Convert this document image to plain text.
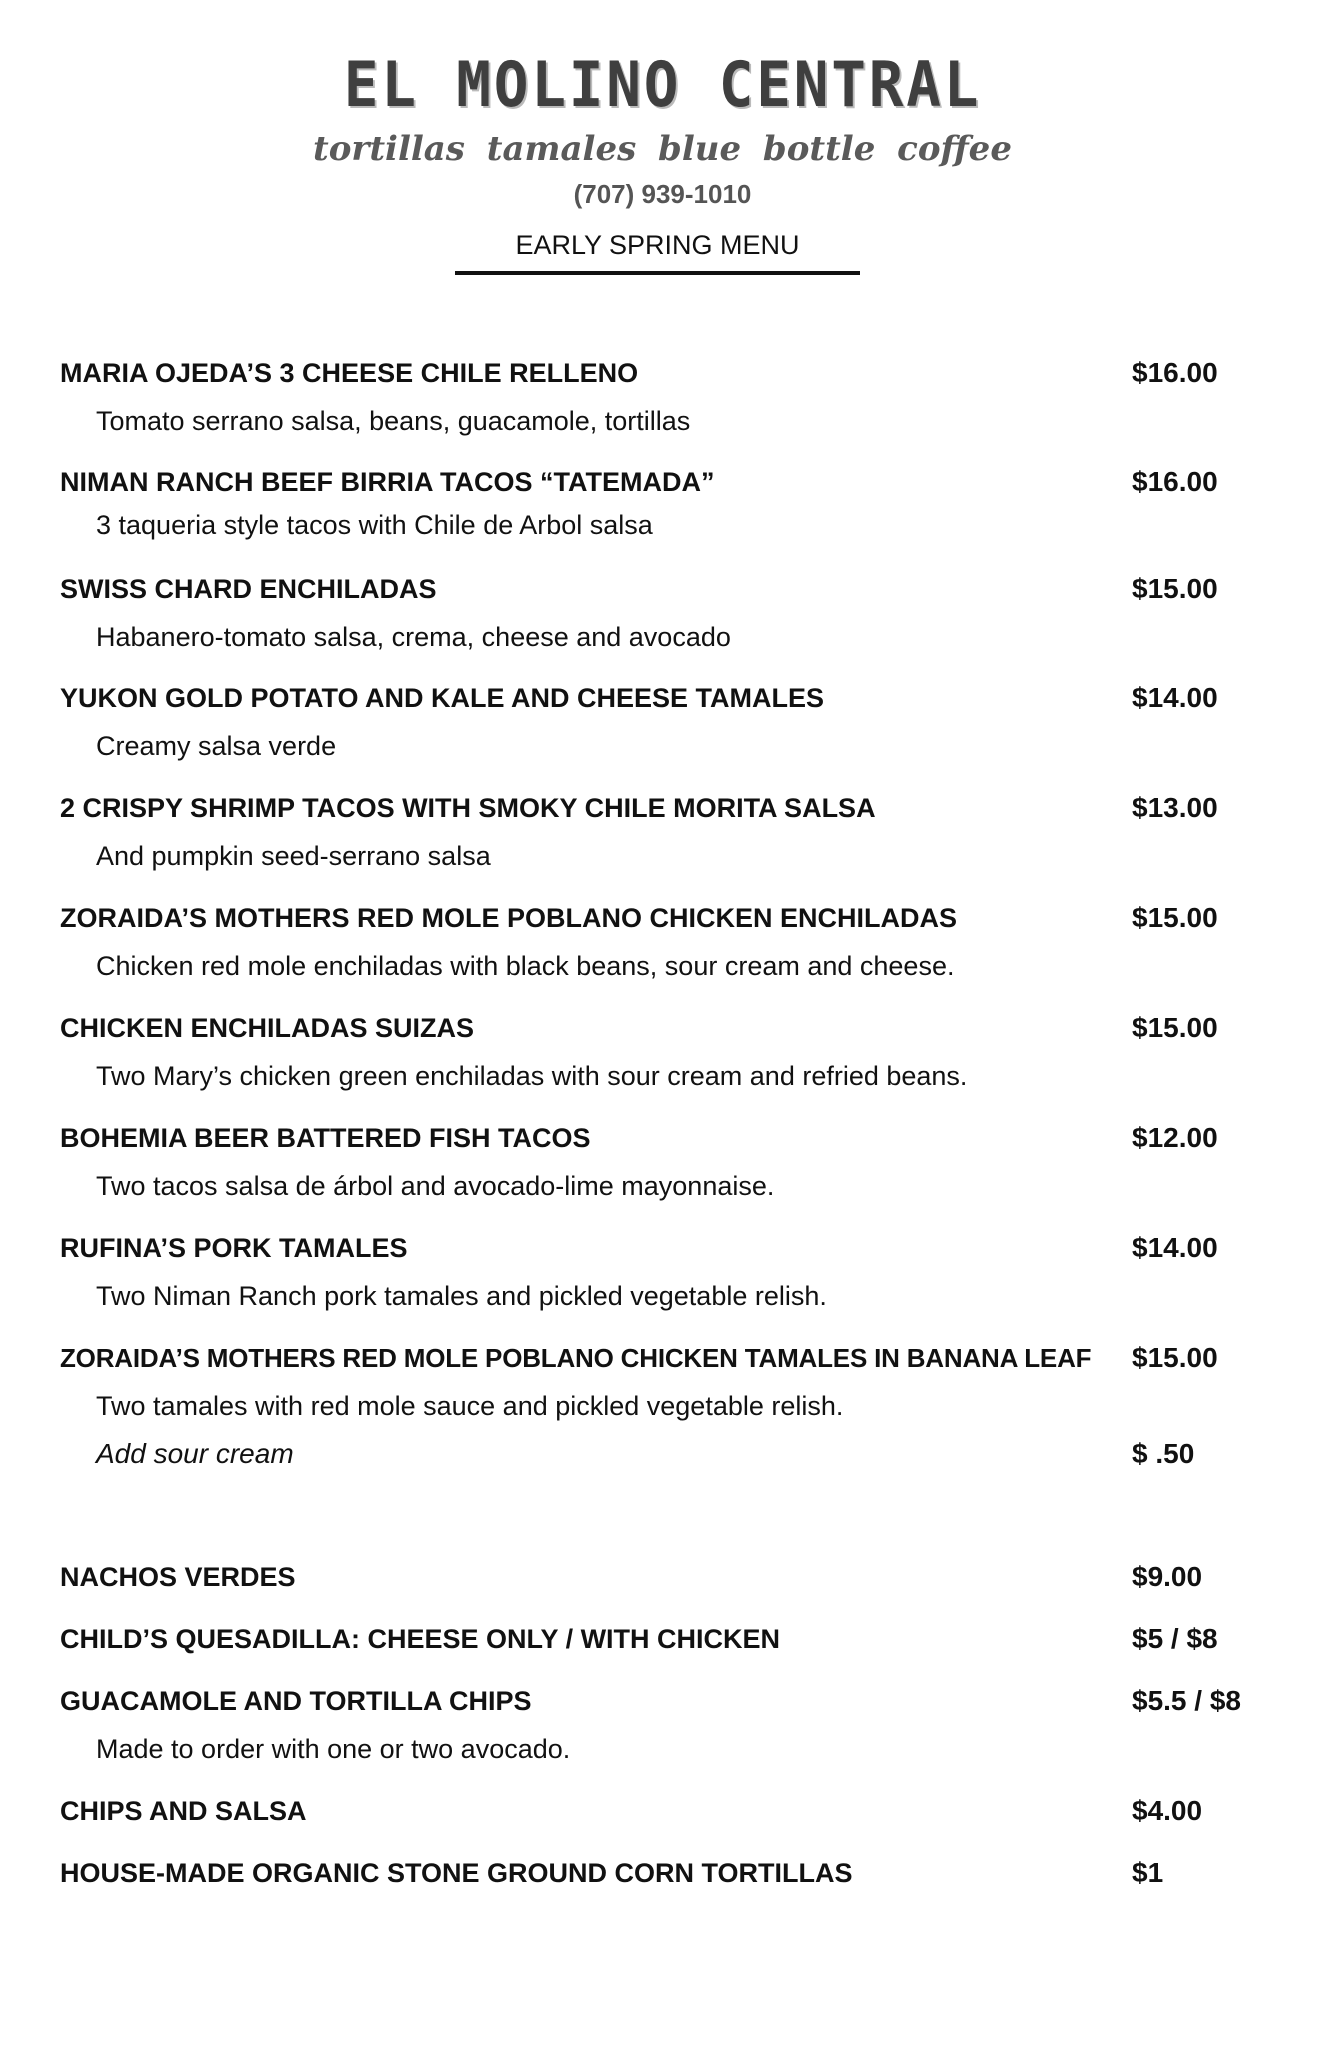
EL MOLINO CENTRAL
tortillas tamales blue bottle coffee
(707) 939-1010
EARLY SPRING MENU
MARIA OJEDA’S 3 CHEESE CHILE RELLENO	$16.00
Tomato serrano salsa, beans, guacamole, tortillas
NIMAN RANCH BEEF BIRRIA TACOS “TATEMADA”	$16.00
3 taqueria style tacos with Chile de Arbol salsa
SWISS CHARD ENCHILADAS	$15.00
Habanero-tomato salsa, crema, cheese and avocado
YUKON GOLD POTATO AND KALE AND CHEESE TAMALES	$14.00
Creamy salsa verde
2 CRISPY SHRIMP TACOS WITH SMOKY CHILE MORITA SALSA	$13.00
And pumpkin seed-serrano salsa
ZORAIDA’S MOTHERS RED MOLE POBLANO CHICKEN ENCHILADAS	$15.00
Chicken red mole enchiladas with black beans, sour cream and cheese.
CHICKEN ENCHILADAS SUIZAS	$15.00
Two Mary’s chicken green enchiladas with sour cream and refried beans.
BOHEMIA BEER BATTERED FISH TACOS	$12.00
Two tacos salsa de árbol and avocado-lime mayonnaise.
RUFINA’S PORK TAMALES	$14.00
Two Niman Ranch pork tamales and pickled vegetable relish.
ZORAIDA’S MOTHERS RED MOLE POBLANO CHICKEN TAMALES IN BANANA LEAF	$15.00
Two tamales with red mole sauce and pickled vegetable relish.
Add sour cream	$ .50
NACHOS VERDES	$9.00
CHILD’S QUESADILLA: CHEESE ONLY / WITH CHICKEN	$5 / $8
GUACAMOLE AND TORTILLA CHIPS	$5.5 / $8
Made to order with one or two avocado.
CHIPS AND SALSA	$4.00
HOUSE-MADE ORGANIC STONE GROUND CORN TORTILLAS	$1
